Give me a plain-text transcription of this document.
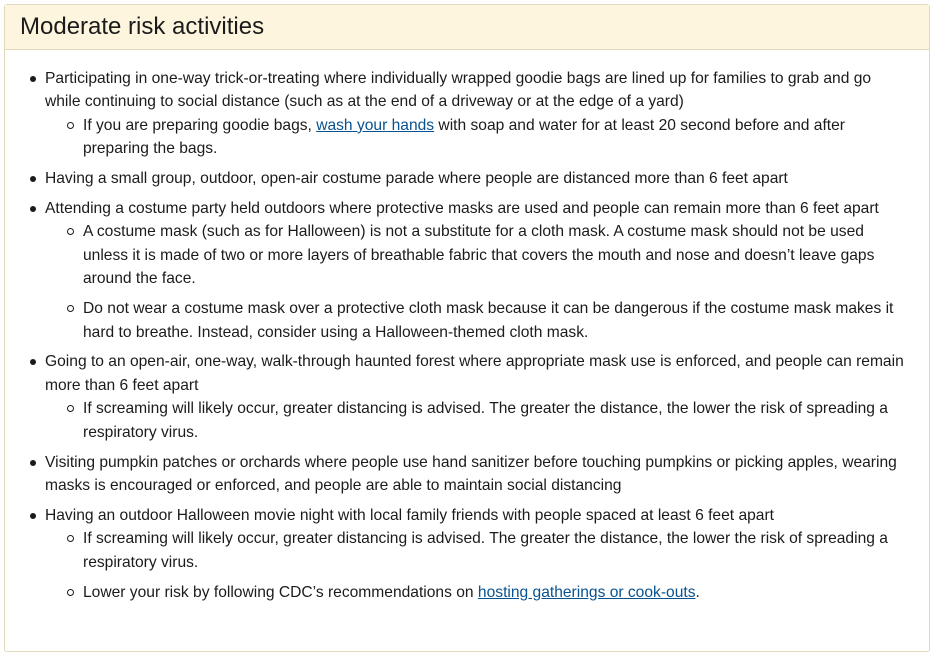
Moderate risk activities
Participating in one-way trick-or-treating where individually wrapped goodie bags are lined up for families to grab and go while continuing to social distance (such as at the end of a driveway or at the edge of a yard)
If you are preparing goodie bags, wash your hands with soap and water for at least 20 second before and after preparing the bags.
Having a small group, outdoor, open-air costume parade where people are distanced more than 6 feet apart
Attending a costume party held outdoors where protective masks are used and people can remain more than 6 feet apart
A costume mask (such as for Halloween) is not a substitute for a cloth mask. A costume mask should not be used unless it is made of two or more layers of breathable fabric that covers the mouth and nose and doesn’t leave gaps around the face.
Do not wear a costume mask over a protective cloth mask because it can be dangerous if the costume mask makes it hard to breathe. Instead, consider using a Halloween-themed cloth mask.
Going to an open-air, one-way, walk-through haunted forest where appropriate mask use is enforced, and people can remain more than 6 feet apart
If screaming will likely occur, greater distancing is advised. The greater the distance, the lower the risk of spreading a respiratory virus.
Visiting pumpkin patches or orchards where people use hand sanitizer before touching pumpkins or picking apples, wearing masks is encouraged or enforced, and people are able to maintain social distancing
Having an outdoor Halloween movie night with local family friends with people spaced at least 6 feet apart
If screaming will likely occur, greater distancing is advised. The greater the distance, the lower the risk of spreading a respiratory virus.
Lower your risk by following CDC’s recommendations on hosting gatherings or cook-outs.
